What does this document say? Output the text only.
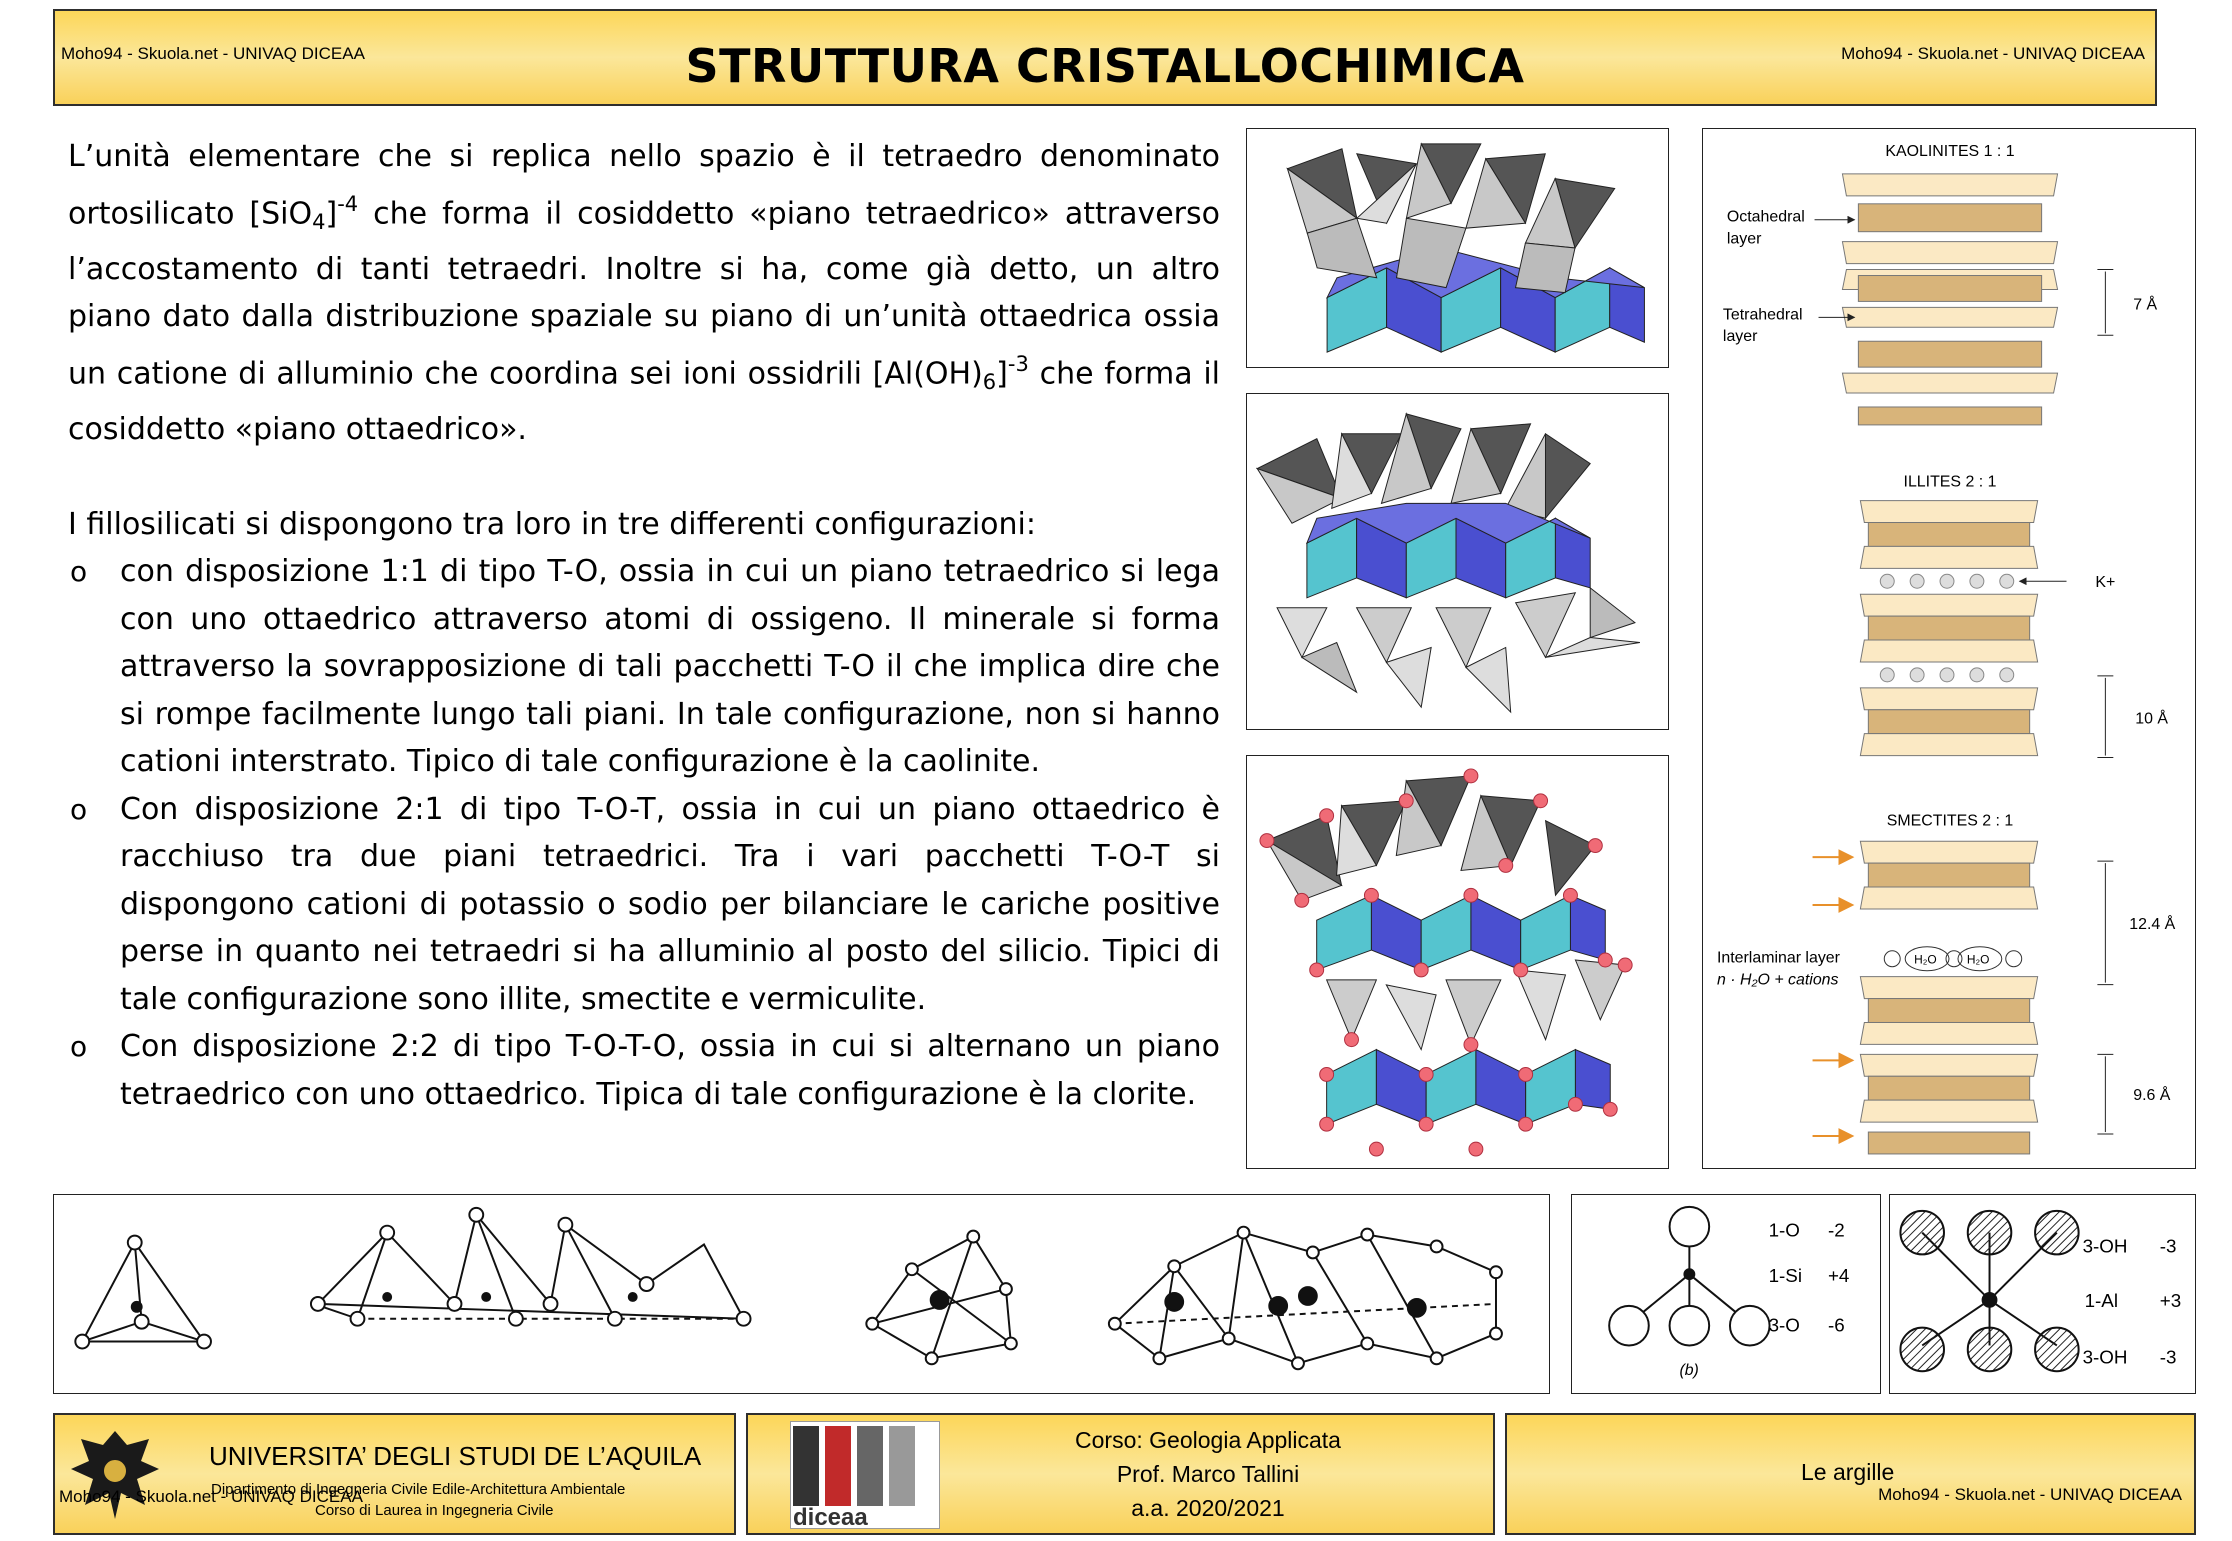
Moho94 - Skuola.net - UNIVAQ DICEAA	STRUTTURA CRISTALLOCHIMICA	Moho94 - Skuola.net - UNIVAQ DICEAA

L’unità elementare che si replica nello spazio è il tetraedro denominato ortosilicato $[SiO_4]^{-4}$ che forma il cosiddetto «piano tetraedrico» attraverso l’accostamento di tanti tetraedri. Inoltre si ha, come già detto, un altro piano dato dalla distribuzione spaziale su piano di un’unità ottaedrica ossia un catione di alluminio che coordina sei ioni ossidrili $[Al(OH)_6]^{-3}$ che forma il cosiddetto «piano ottaedrico».

I fillosilicati si dispongono tra loro in tre differenti configurazioni:

o con disposizione 1:1 di tipo T-O, ossia in cui un piano tetraedrico si lega con uno ottaedrico attraverso atomi di ossigeno. Il minerale si forma attraverso la sovrapposizione di tali pacchetti T-O il che implica dire che si rompe facilmente lungo tali piani. In tale configurazione, non si hanno cationi interstrato. Tipico di tale configurazione è la caolinite.
o Con disposizione 2:1 di tipo T-O-T, ossia in cui un piano ottaedrico è racchiuso tra due piani tetraedrici. Tra i vari pacchetti T-O-T si dispongono cationi di potassio o sodio per bilanciare le cariche positive perse in quanto nei tetraedri si ha alluminio al posto del silicio. Tipici di tale configurazione sono illite, smectite e vermiculite.
o Con disposizione 2:2 di tipo T-O-T-O, ossia in cui si alternano un piano tetraedrico con uno ottaedrico. Tipica di tale configurazione è la clorite.
KAOLINITES 1 : 1
Octahedral
layer
Tetrahedral
layer
7 Å
ILLITES 2 : 1
K+
10 Å
SMECTITES 2 : 1
H₂O	H₂O
Interlaminar layer
n · H₂O + cations
12.4 Å
9.6 Å
1-O -2
1-Si +4
3-O -6
(b)
3-OH -3
1-Al +3
3-OH -3
UNIVERSITA’ DEGLI STUDI DE L’AQUILA
Dipartimento di Ingegneria Civile Edile-Architettura Ambientale
Corso di Laurea in Ingegneria Civile
Moho94 - Skuola.net - UNIVAQ DICEAA
diceaa
Corso: Geologia Applicata
Prof. Marco Tallini
a.a. 2020/2021
Le argille
Moho94 - Skuola.net - UNIVAQ DICEAA
